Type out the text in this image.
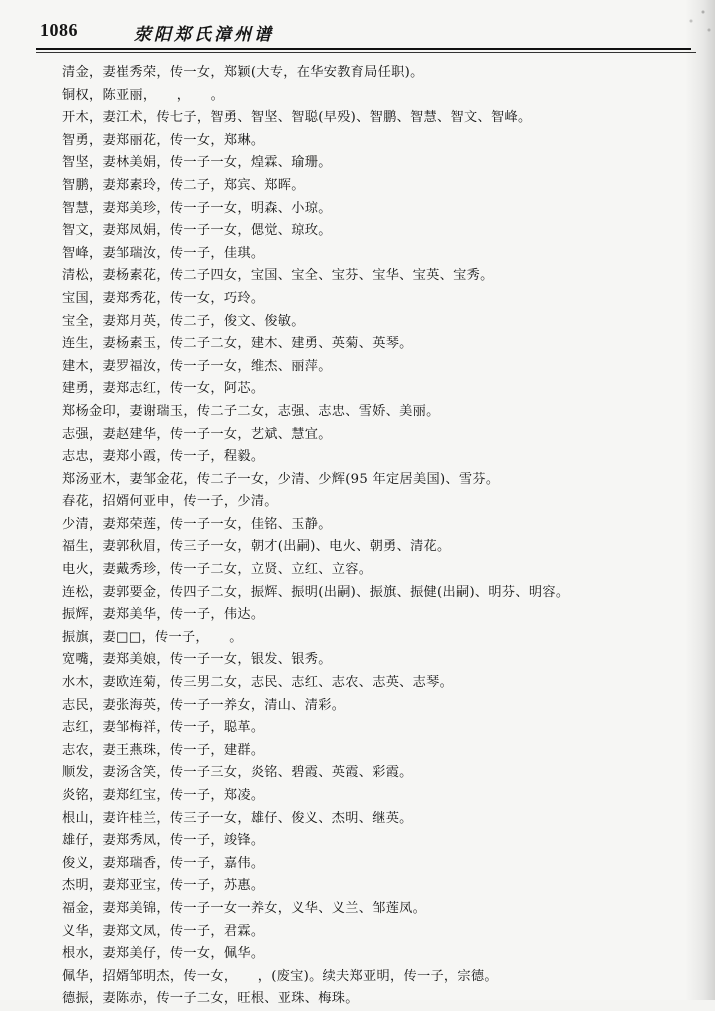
1086	荥阳郑氏漳州谱
清金，妻崔秀荣，传一女，郑颖(大专，在华安教育局任职)。
铜权，陈亚丽，　　，　　。
开木，妻江术，传七子，智勇、智坚、智聪(早殁)、智鹏、智慧、智文、智峰。
智勇，妻郑丽花，传一女，郑琳。
智坚，妻林美娟，传一子一女，煌霖、瑜珊。
智鹏，妻郑素玲，传二子，郑宾、郑晖。
智慧，妻郑美珍，传一子一女，明森、小琼。
智文，妻郑凤娟，传一子一女，偲觉、琼玫。
智峰，妻邹瑞汝，传一子，佳琪。
清松，妻杨素花，传二子四女，宝国、宝全、宝芬、宝华、宝英、宝秀。
宝国，妻郑秀花，传一女，巧玲。
宝全，妻郑月英，传二子，俊文、俊敏。
连生，妻杨素玉，传二子二女，建木、建勇、英菊、英琴。
建木，妻罗福汝，传一子一女，维杰、丽萍。
建勇，妻郑志红，传一女，阿芯。
郑杨金印，妻谢瑞玉，传二子二女，志强、志忠、雪娇、美丽。
志强，妻赵建华，传一子一女，艺斌、慧宜。
志忠，妻郑小霞，传一子，程毅。
郑汤亚木，妻邹金花，传二子一女，少清、少辉(95 年定居美国)、雪芬。
春花，招婿何亚申，传一子，少清。
少清，妻郑荣莲，传一子一女，佳铭、玉静。
福生，妻郭秋眉，传三子一女，朝才(出嗣)、电火、朝勇、清花。
电火，妻戴秀珍，传一子二女，立贤、立红、立容。
连松，妻郭要金，传四子二女，振辉、振明(出嗣)、振旗、振健(出嗣)、明芬、明容。
振辉，妻郑美华，传一子，伟达。
振旗，妻□□，传一子，　　。
宽嘴，妻郑美娘，传一子一女，银发、银秀。
水木，妻欧连菊，传三男二女，志民、志红、志农、志英、志琴。
志民，妻张海英，传一子一养女，清山、清彩。
志红，妻邹梅祥，传一子，聪革。
志农，妻王燕珠，传一子，建群。
顺发，妻汤含笑，传一子三女，炎铭、碧霞、英霞、彩霞。
炎铭，妻郑红宝，传一子，郑凌。
根山，妻许桂兰，传三子一女，雄仔、俊义、杰明、继英。
雄仔，妻郑秀凤，传一子，竣锋。
俊义，妻郑瑞香，传一子，嘉伟。
杰明，妻郑亚宝，传一子，苏惠。
福金，妻郑美锦，传一子一女一养女，义华、义兰、邹莲凤。
义华，妻郑文凤，传一子，君霖。
根水，妻郑美仔，传一女，佩华。
佩华，招婿邹明杰，传一女，　　，(废宝)。续夫郑亚明，传一子，宗德。
德振，妻陈赤，传一子二女，旺根、亚珠、梅珠。
